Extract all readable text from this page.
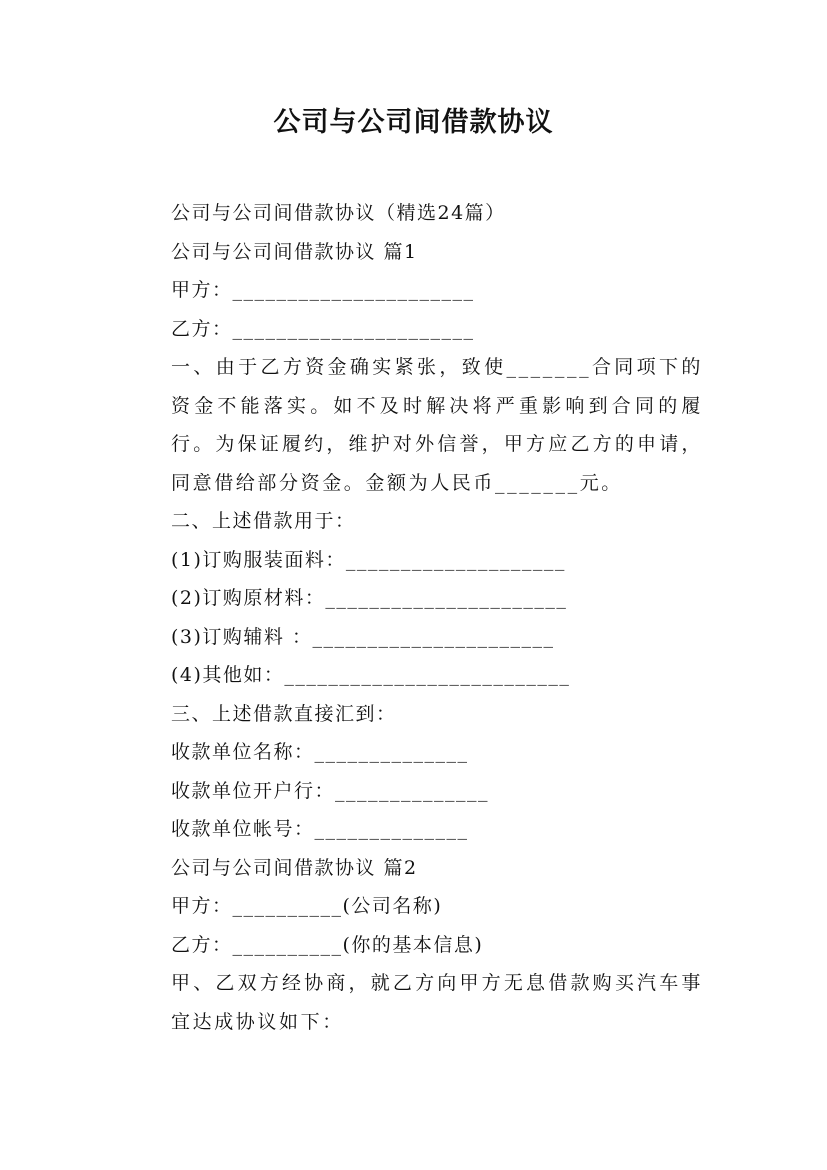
公司与公司间借款协议
公司与公司间借款协议（精选24篇）
公司与公司间借款协议 篇1
甲方：______________________
乙方：______________________
一、由于乙方资金确实紧张，致使_______合同项下的资金不能落实。如不及时解决将严重影响到合同的履行。为保证履约，维护对外信誉，甲方应乙方的申请，同意借给部分资金。金额为人民币_______元。
二、上述借款用于：
(1)订购服装面料：____________________
(2)订购原材料：______________________
(3)订购辅料 ：______________________
(4)其他如：__________________________
三、上述借款直接汇到：
收款单位名称：______________
收款单位开户行：______________
收款单位帐号：______________
公司与公司间借款协议 篇2
甲方：__________(公司名称)
乙方：__________(你的基本信息)
甲、乙双方经协商，就乙方向甲方无息借款购买汽车事宜达成协议如下：
